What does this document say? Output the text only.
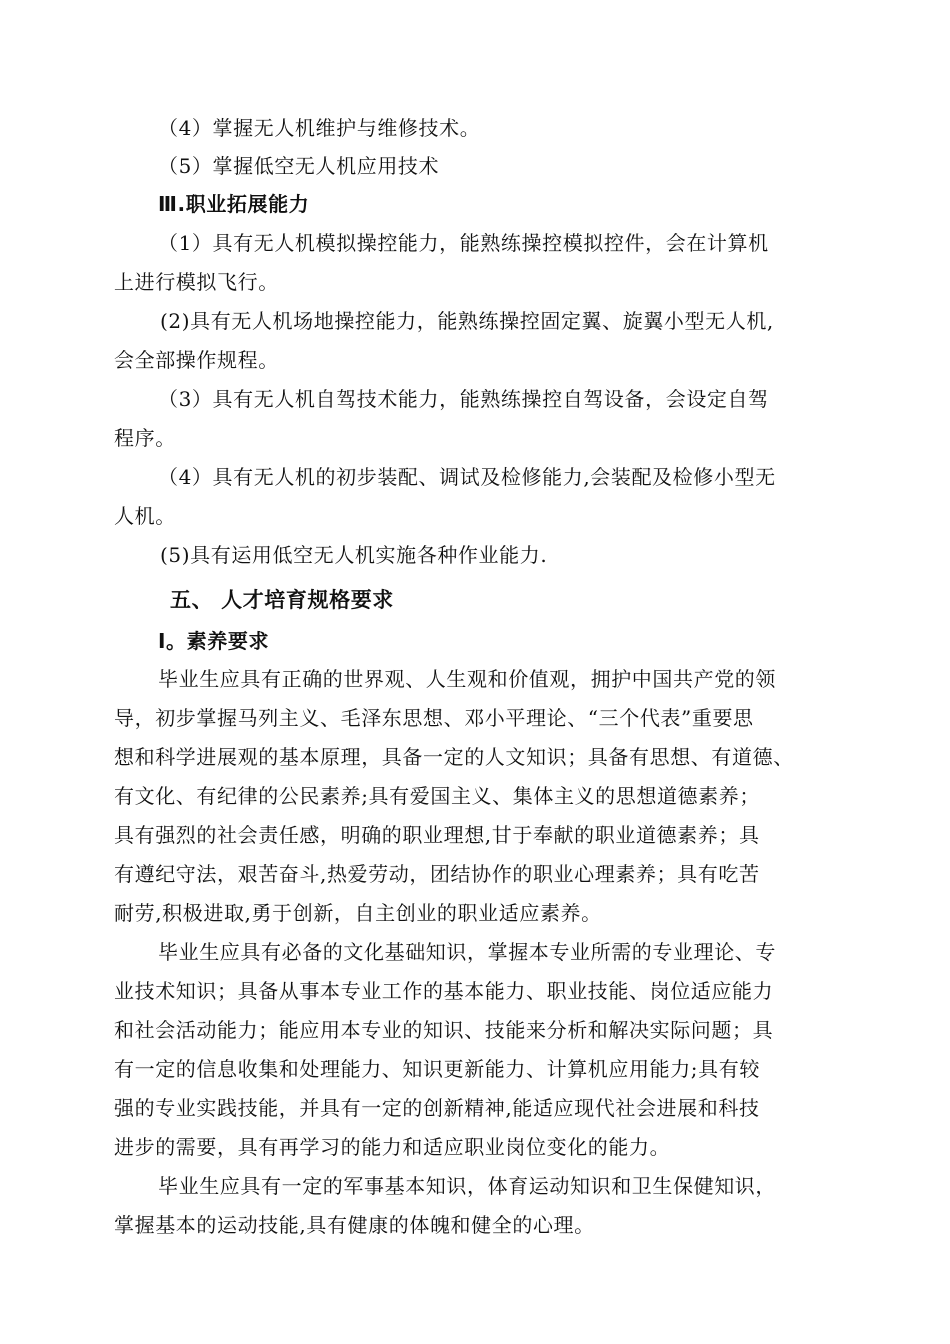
（4）掌握无人机维护与维修技术。
（5）掌握低空无人机应用技术
Ⅲ.职业拓展能力
（1）具有无人机模拟操控能力，能熟练操控模拟控件，会在计算机
上进行模拟飞行。
(2)具有无人机场地操控能力，能熟练操控固定翼、旋翼小型无人机,
会全部操作规程。
（3）具有无人机自驾技术能力，能熟练操控自驾设备，会设定自驾
程序。
（4）具有无人机的初步装配、调试及检修能力,会装配及检修小型无
人机。
(5)具有运用低空无人机实施各种作业能力.
五、 人才培育规格要求
Ⅰ。素养要求
毕业生应具有正确的世界观、人生观和价值观，拥护中国共产党的领
导，初步掌握马列主义、毛泽东思想、邓小平理论、“三个代表”重要思
想和科学进展观的基本原理，具备一定的人文知识；具备有思想、有道德、
有文化、有纪律的公民素养;具有爱国主义、集体主义的思想道德素养；
具有强烈的社会责任感，明确的职业理想,甘于奉献的职业道德素养；具
有遵纪守法，艰苦奋斗,热爱劳动，团结协作的职业心理素养；具有吃苦
耐劳,积极进取,勇于创新，自主创业的职业适应素养。
毕业生应具有必备的文化基础知识，掌握本专业所需的专业理论、专
业技术知识；具备从事本专业工作的基本能力、职业技能、岗位适应能力
和社会活动能力；能应用本专业的知识、技能来分析和解决实际问题；具
有一定的信息收集和处理能力、知识更新能力、计算机应用能力;具有较
强的专业实践技能，并具有一定的创新精神,能适应现代社会进展和科技
进步的需要，具有再学习的能力和适应职业岗位变化的能力。
毕业生应具有一定的军事基本知识，体育运动知识和卫生保健知识，
掌握基本的运动技能,具有健康的体魄和健全的心理。
